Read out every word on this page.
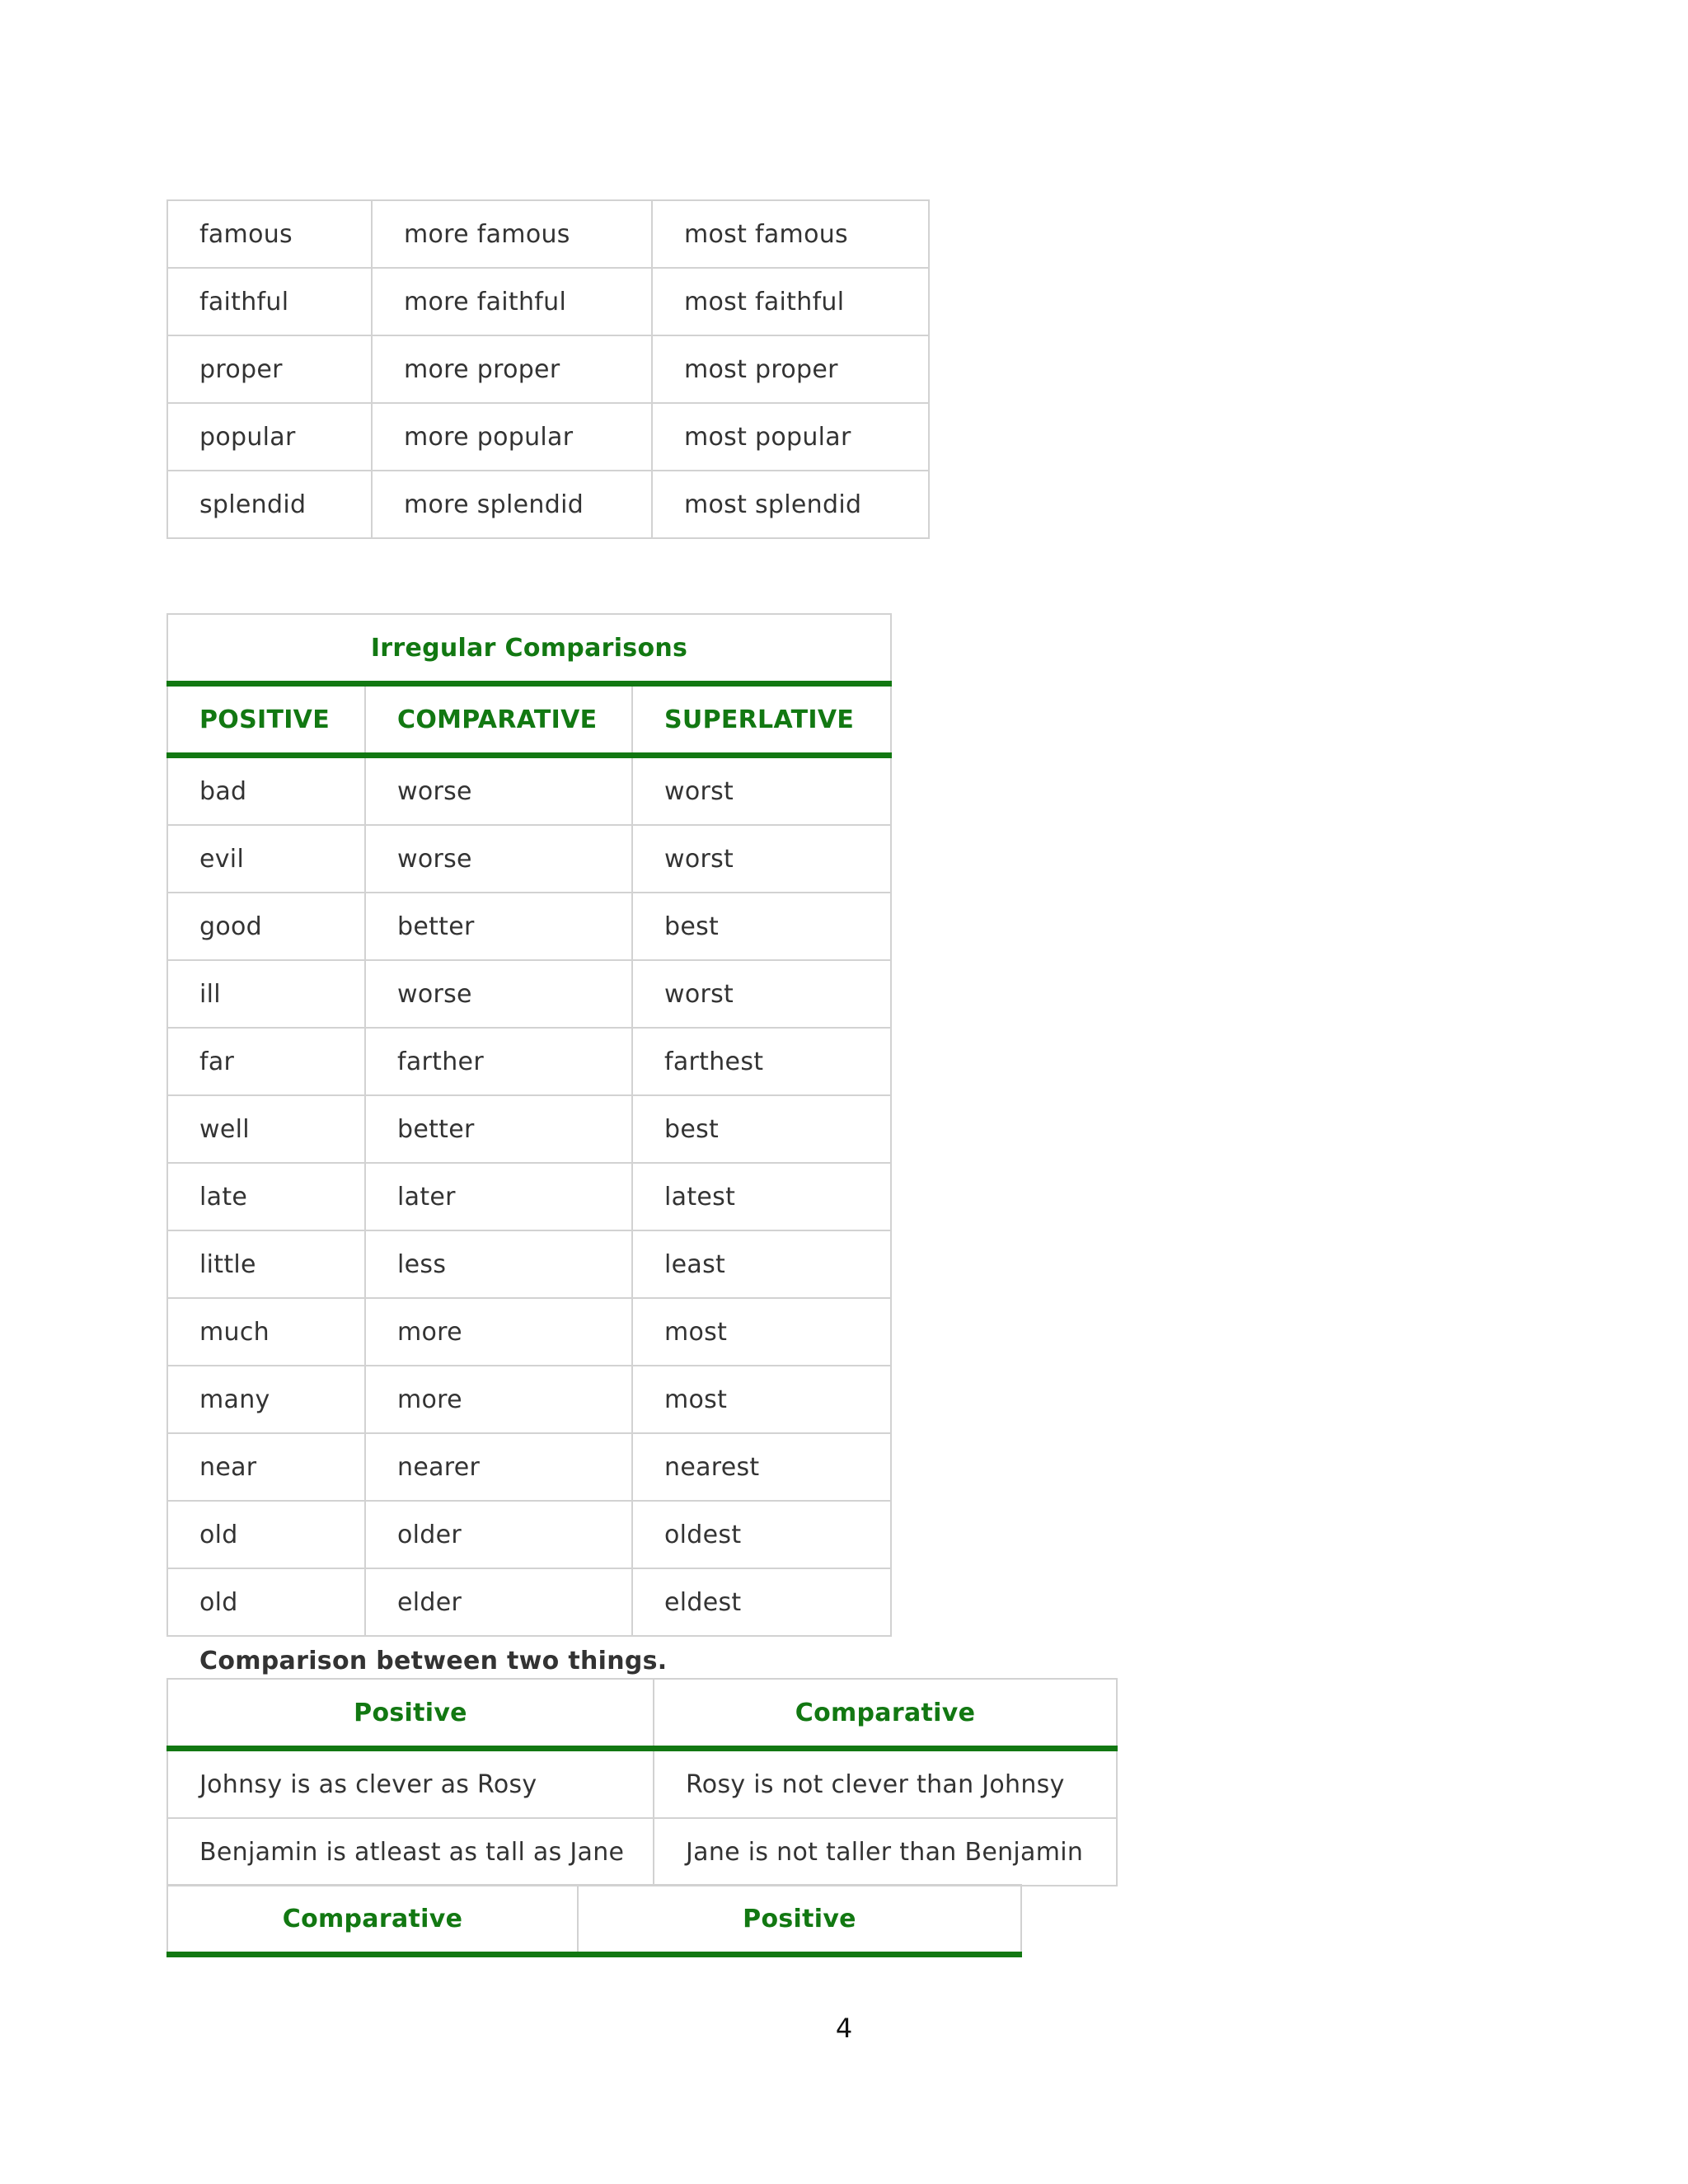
famous	more famous	most famous
faithful	more faithful	most faithful
proper	more proper	most proper
popular	more popular	most popular
splendid	more splendid	most splendid
Irregular Comparisons		
POSITIVE	COMPARATIVE	SUPERLATIVE
bad	worse	worst
evil	worse	worst
good	better	best
ill	worse	worst
far	farther	farthest
well	better	best
late	later	latest
little	less	least
much	more	most
many	more	most
near	nearer	nearest
old	older	oldest
old	elder	eldest
Comparison between two things.
Positive	Comparative
Johnsy is as clever as Rosy	Rosy is not clever than Johnsy
Benjamin is atleast as tall as Jane	Jane is not taller than Benjamin
Comparative	Positive
4
